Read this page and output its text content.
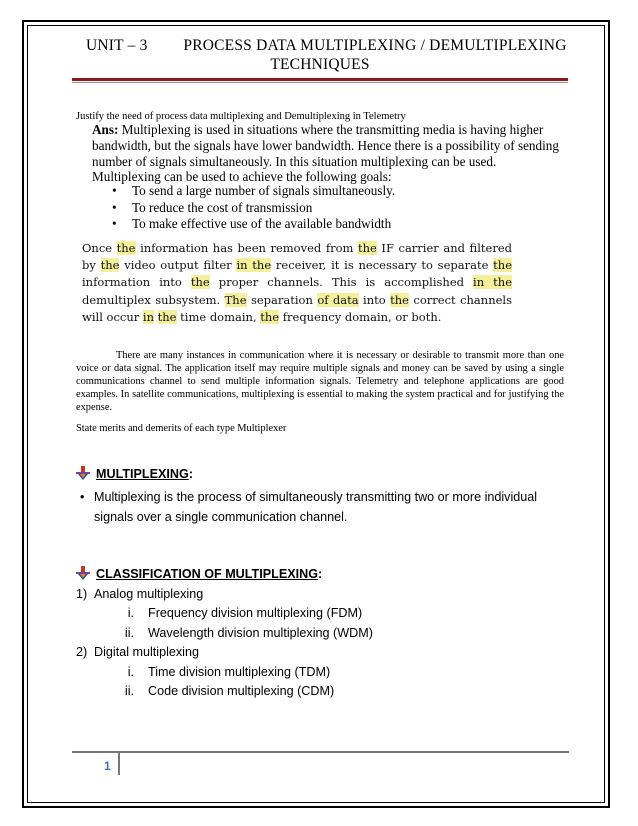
UNIT – 3	PROCESS DATA MULTIPLEXING / DEMULTIPLEXING
TECHNIQUES
Justify the need of process data multiplexing and Demultiplexing in Telemetry
Ans: Multiplexing is used in situations where the transmitting media is having higher bandwidth, but the signals have lower bandwidth. Hence there is a possibility of sending number of signals simultaneously. In this situation multiplexing can be used. Multiplexing can be used to achieve the following goals:
• To send a large number of signals simultaneously.
• To reduce the cost of transmission
• To make effective use of the available bandwidth
Once the information has been removed from the IF carrier and filtered by the video output filter in the receiver, it is necessary to separate the information into the proper channels. This is accomplished in the demultiplex subsystem. The separation of data into the correct channels will occur in the time domain, the frequency domain, or both.
There are many instances in communication where it is necessary or desirable to transmit more than one voice or data signal. The application itself may require multiple signals and money can be saved by using a single communications channel to send multiple information signals. Telemetry and telephone applications are good examples. In satellite communications, multiplexing is essential to making the system practical and for justifying the expense.
State merits and demerits of each type Multiplexer
MULTIPLEXING:
• Multiplexing is the process of simultaneously transmitting two or more individual signals over a single communication channel.
CLASSIFICATION OF MULTIPLEXING:
1) Analog multiplexing
i. Frequency division multiplexing (FDM)
ii. Wavelength division multiplexing (WDM)
2) Digital multiplexing
i. Time division multiplexing (TDM)
ii. Code division multiplexing (CDM)
1
